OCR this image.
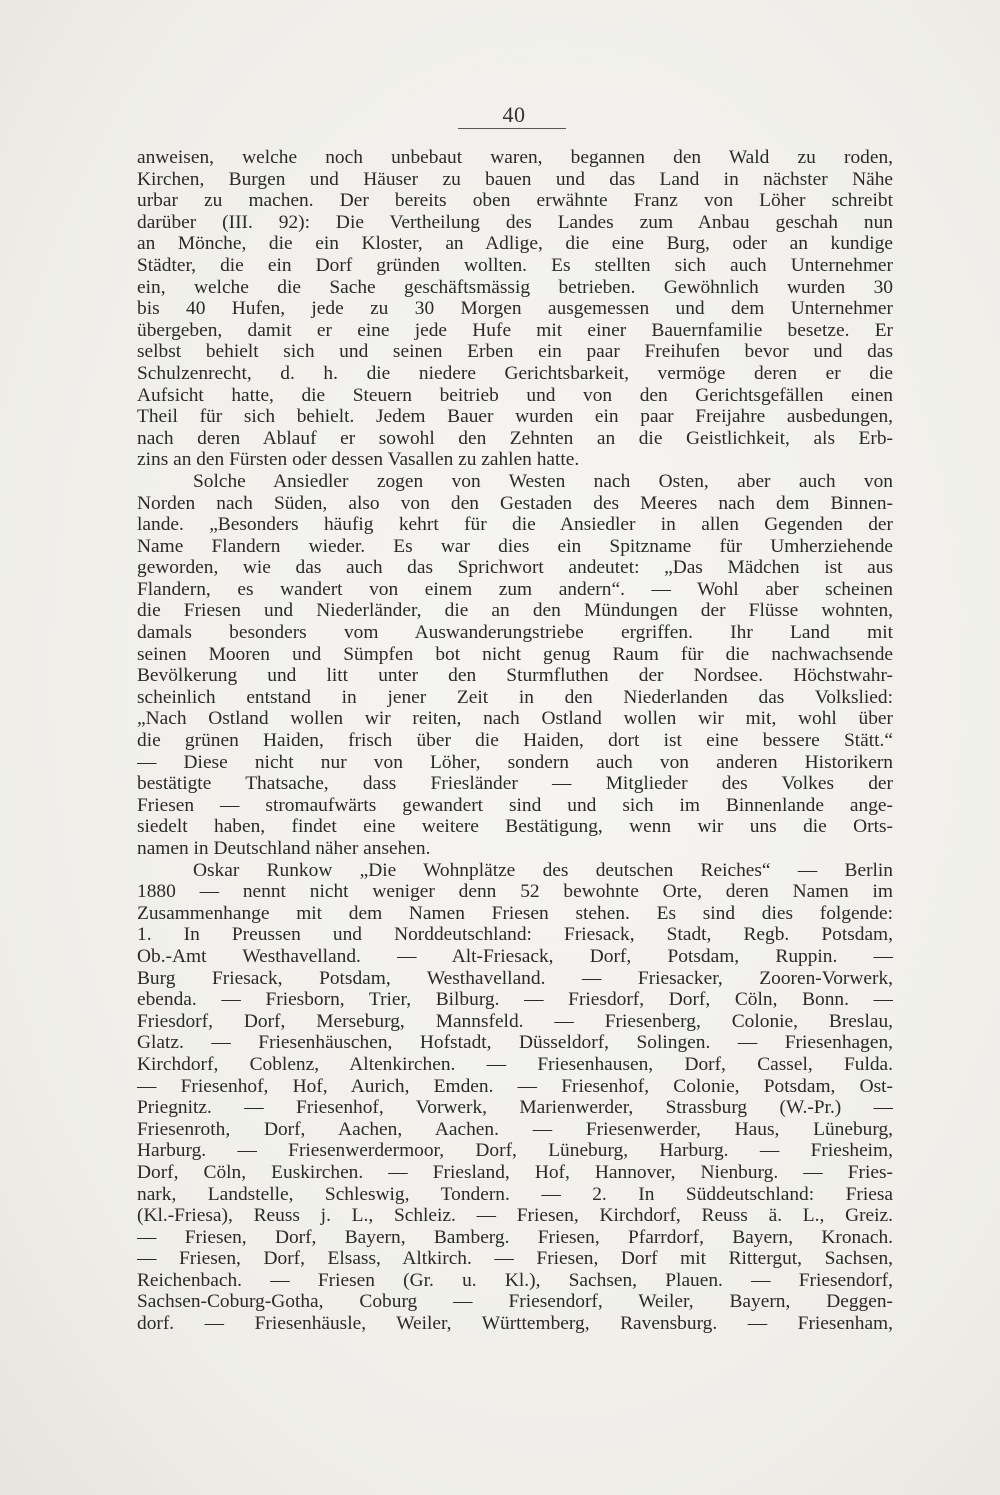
40
anweisen, welche noch unbebaut waren, begannen den Wald zu roden,
Kirchen, Burgen und Häuser zu bauen und das Land in nächster Nähe
urbar zu machen. Der bereits oben erwähnte Franz von Löher schreibt
darüber (III. 92): Die Vertheilung des Landes zum Anbau geschah nun
an Mönche, die ein Kloster, an Adlige, die eine Burg, oder an kundige
Städter, die ein Dorf gründen wollten. Es stellten sich auch Unternehmer
ein, welche die Sache geschäftsmässig betrieben. Gewöhnlich wurden 30
bis 40 Hufen, jede zu 30 Morgen ausgemessen und dem Unternehmer
übergeben, damit er eine jede Hufe mit einer Bauernfamilie besetze. Er
selbst behielt sich und seinen Erben ein paar Freihufen bevor und das
Schulzenrecht, d. h. die niedere Gerichtsbarkeit, vermöge deren er die
Aufsicht hatte, die Steuern beitrieb und von den Gerichtsgefällen einen
Theil für sich behielt. Jedem Bauer wurden ein paar Freijahre ausbedungen,
nach deren Ablauf er sowohl den Zehnten an die Geistlichkeit, als Erb-
zins an den Fürsten oder dessen Vasallen zu zahlen hatte.
Solche Ansiedler zogen von Westen nach Osten, aber auch von
Norden nach Süden, also von den Gestaden des Meeres nach dem Binnen-
lande. „Besonders häufig kehrt für die Ansiedler in allen Gegenden der
Name Flandern wieder. Es war dies ein Spitzname für Umherziehende
geworden, wie das auch das Sprichwort andeutet: „Das Mädchen ist aus
Flandern, es wandert von einem zum andern“. — Wohl aber scheinen
die Friesen und Niederländer, die an den Mündungen der Flüsse wohnten,
damals besonders vom Auswanderungstriebe ergriffen. Ihr Land mit
seinen Mooren und Sümpfen bot nicht genug Raum für die nachwachsende
Bevölkerung und litt unter den Sturmfluthen der Nordsee. Höchstwahr-
scheinlich entstand in jener Zeit in den Niederlanden das Volkslied:
„Nach Ostland wollen wir reiten, nach Ostland wollen wir mit, wohl über
die grünen Haiden, frisch über die Haiden, dort ist eine bessere Stätt.“
— Diese nicht nur von Löher, sondern auch von anderen Historikern
bestätigte Thatsache, dass Friesländer — Mitglieder des Volkes der
Friesen — stromaufwärts gewandert sind und sich im Binnenlande ange-
siedelt haben, findet eine weitere Bestätigung, wenn wir uns die Orts-
namen in Deutschland näher ansehen.
Oskar Runkow „Die Wohnplätze des deutschen Reiches“ — Berlin
1880 — nennt nicht weniger denn 52 bewohnte Orte, deren Namen im
Zusammenhange mit dem Namen Friesen stehen. Es sind dies folgende:
1. In Preussen und Norddeutschland: Friesack, Stadt, Regb. Potsdam,
Ob.-Amt Westhavelland. — Alt-Friesack, Dorf, Potsdam, Ruppin. —
Burg Friesack, Potsdam, Westhavelland. — Friesacker, Zooren-Vorwerk,
ebenda. — Friesborn, Trier, Bilburg. — Friesdorf, Dorf, Cöln, Bonn. —
Friesdorf, Dorf, Merseburg, Mannsfeld. — Friesenberg, Colonie, Breslau,
Glatz. — Friesenhäuschen, Hofstadt, Düsseldorf, Solingen. — Friesenhagen,
Kirchdorf, Coblenz, Altenkirchen. — Friesenhausen, Dorf, Cassel, Fulda.
— Friesenhof, Hof, Aurich, Emden. — Friesenhof, Colonie, Potsdam, Ost-
Priegnitz. — Friesenhof, Vorwerk, Marienwerder, Strassburg (W.-Pr.) —
Friesenroth, Dorf, Aachen, Aachen. — Friesenwerder, Haus, Lüneburg,
Harburg. — Friesenwerdermoor, Dorf, Lüneburg, Harburg. — Friesheim,
Dorf, Cöln, Euskirchen. — Friesland, Hof, Hannover, Nienburg. — Fries-
nark, Landstelle, Schleswig, Tondern. — 2. In Süddeutschland: Friesa
(Kl.-Friesa), Reuss j. L., Schleiz. — Friesen, Kirchdorf, Reuss ä. L., Greiz.
— Friesen, Dorf, Bayern, Bamberg. Friesen, Pfarrdorf, Bayern, Kronach.
— Friesen, Dorf, Elsass, Altkirch. — Friesen, Dorf mit Rittergut, Sachsen,
Reichenbach. — Friesen (Gr. u. Kl.), Sachsen, Plauen. — Friesendorf,
Sachsen-Coburg-Gotha, Coburg — Friesendorf, Weiler, Bayern, Deggen-
dorf. — Friesenhäusle, Weiler, Württemberg, Ravensburg. — Friesenham,
